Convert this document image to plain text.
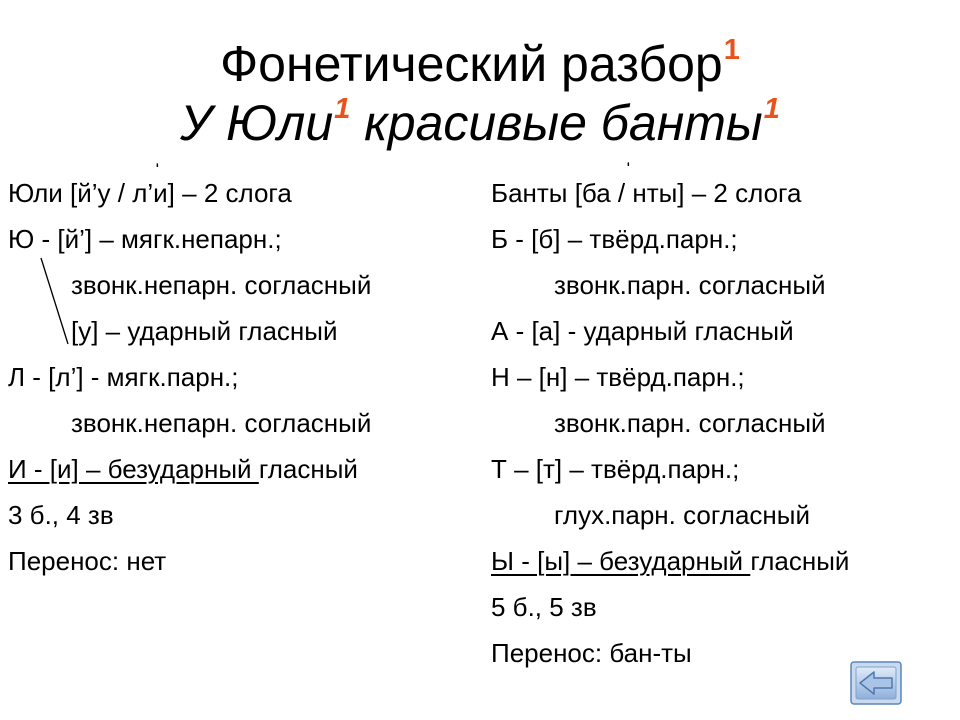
Фонетический разбор$^1$
У Юли$^1$ красивые банты$^1$
ˈ
Юли [й’у / л’и] – 2 слога
Ю - [й’] – мягк.непарн.;
звонк.непарн. согласный
[у] – ударный гласный
Л - [л’] - мягк.парн.;
звонк.непарн. согласный
И - [и] – безударный гласный
3 б., 4 зв
Перенос: нет
ˈ
Банты [ба / нты] – 2 слога
Б - [б] – твёрд.парн.;
звонк.парн. согласный
А - [а] - ударный гласный
Н – [н] – твёрд.парн.;
звонк.парн. согласный
Т – [т] – твёрд.парн.;
глух.парн. согласный
Ы - [ы] – безударный гласный
5 б., 5 зв
Перенос: бан-ты
